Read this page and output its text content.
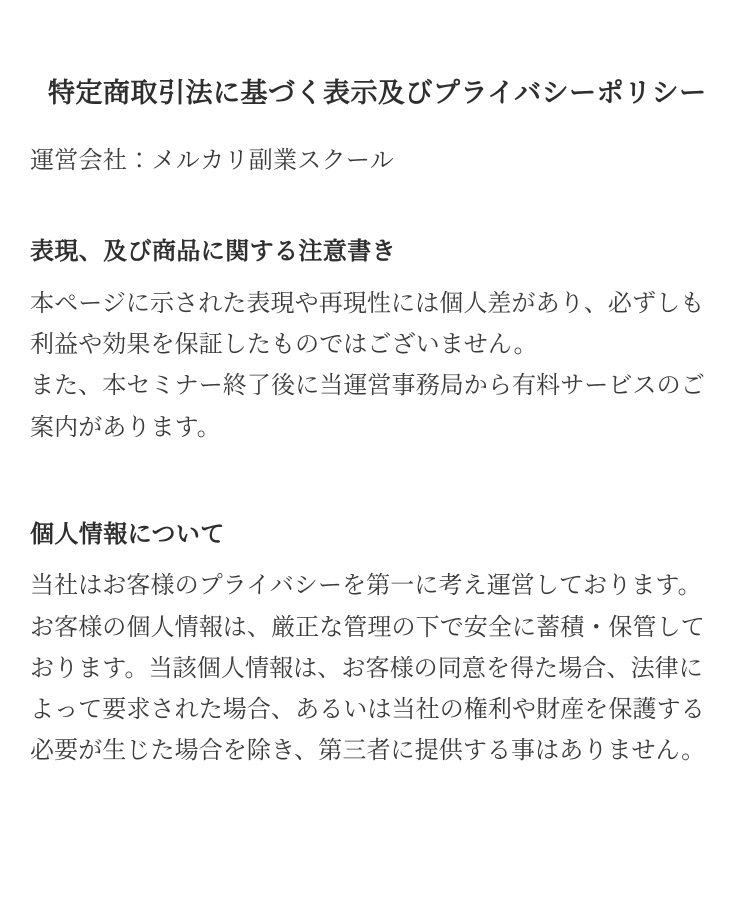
特定商取引法に基づく表示及びプライバシーポリシー

運営会社：メルカリ副業スクール

表現、及び商品に関する注意書き

本ページに示された表現や再現性には個人差があり、必ずしも利益や効果を保証したものではございません。

また、本セミナー終了後に当運営事務局から有料サービスのご案内があります。

個人情報について

当社はお客様のプライバシーを第一に考え運営しております。お客様の個人情報は、厳正な管理の下で安全に蓄積・保管しております。当該個人情報は、お客様の同意を得た場合、法律によって要求された場合、あるいは当社の権利や財産を保護する必要が生じた場合を除き、第三者に提供する事はありません。
